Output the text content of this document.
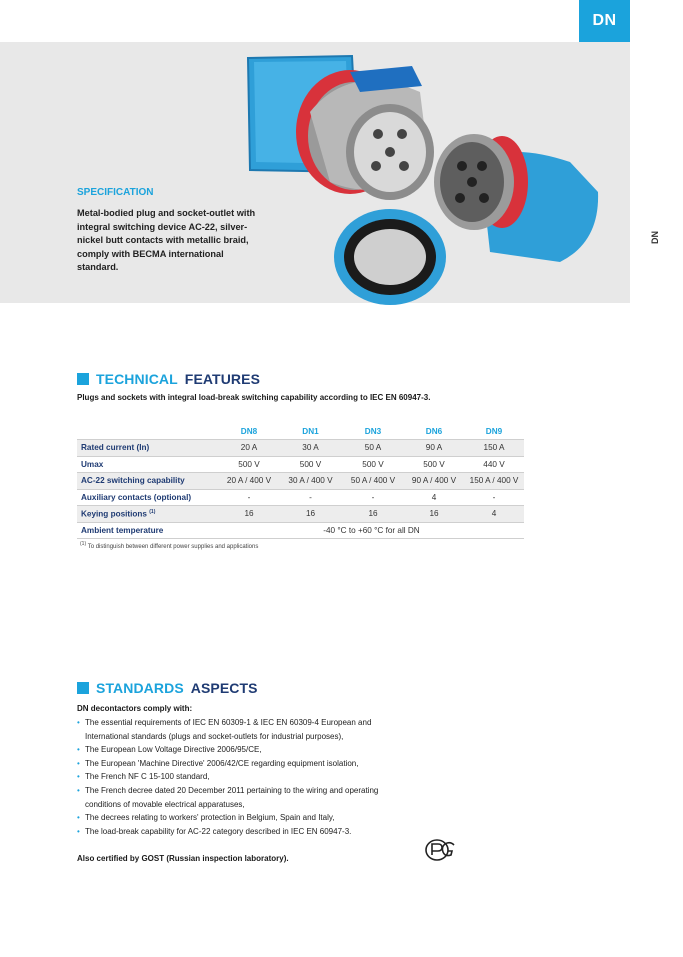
DN
DN

SPECIFICATION

Metal-bodied plug and socket-outlet with integral switching device AC-22, silver-nickel butt contacts with metallic braid, comply with BECMA international standard.

TECHNICAL FEATURES

Plugs and sockets with integral load-break switching capability according to IEC EN 60947-3.

	DN8	DN1	DN3	DN6	DN9
Rated current (In)	20 A	30 A	50 A	90 A	150 A
Umax	500 V	500 V	500 V	500 V	440 V
AC-22 switching capability	20 A / 400 V	30 A / 400 V	50 A / 400 V	90 A / 400 V	150 A / 400 V
Auxiliary contacts (optional)	-	-	-	4	-
Keying positions $^{(1)}$	16	16	16	16	4
Ambient temperature	-40 °C to +60 °C for all DN				

$^{(1)}$ To distinguish between different power supplies and applications

STANDARDS ASPECTS

DN decontactors comply with:

• The essential requirements of IEC EN 60309-1 & IEC EN 60309-4 European and International standards (plugs and socket-outlets for industrial purposes),
• The European Low Voltage Directive 2006/95/CE,
• The European 'Machine Directive' 2006/42/CE regarding equipment isolation,
• The French NF C 15-100 standard,
• The French decree dated 20 December 2011 pertaining to the wiring and operating conditions of movable electrical apparatuses,
• The decrees relating to workers' protection in Belgium, Spain and Italy,
• The load-break capability for AC-22 category described in IEC EN 60947-3.

Also certified by GOST (Russian inspection laboratory).
